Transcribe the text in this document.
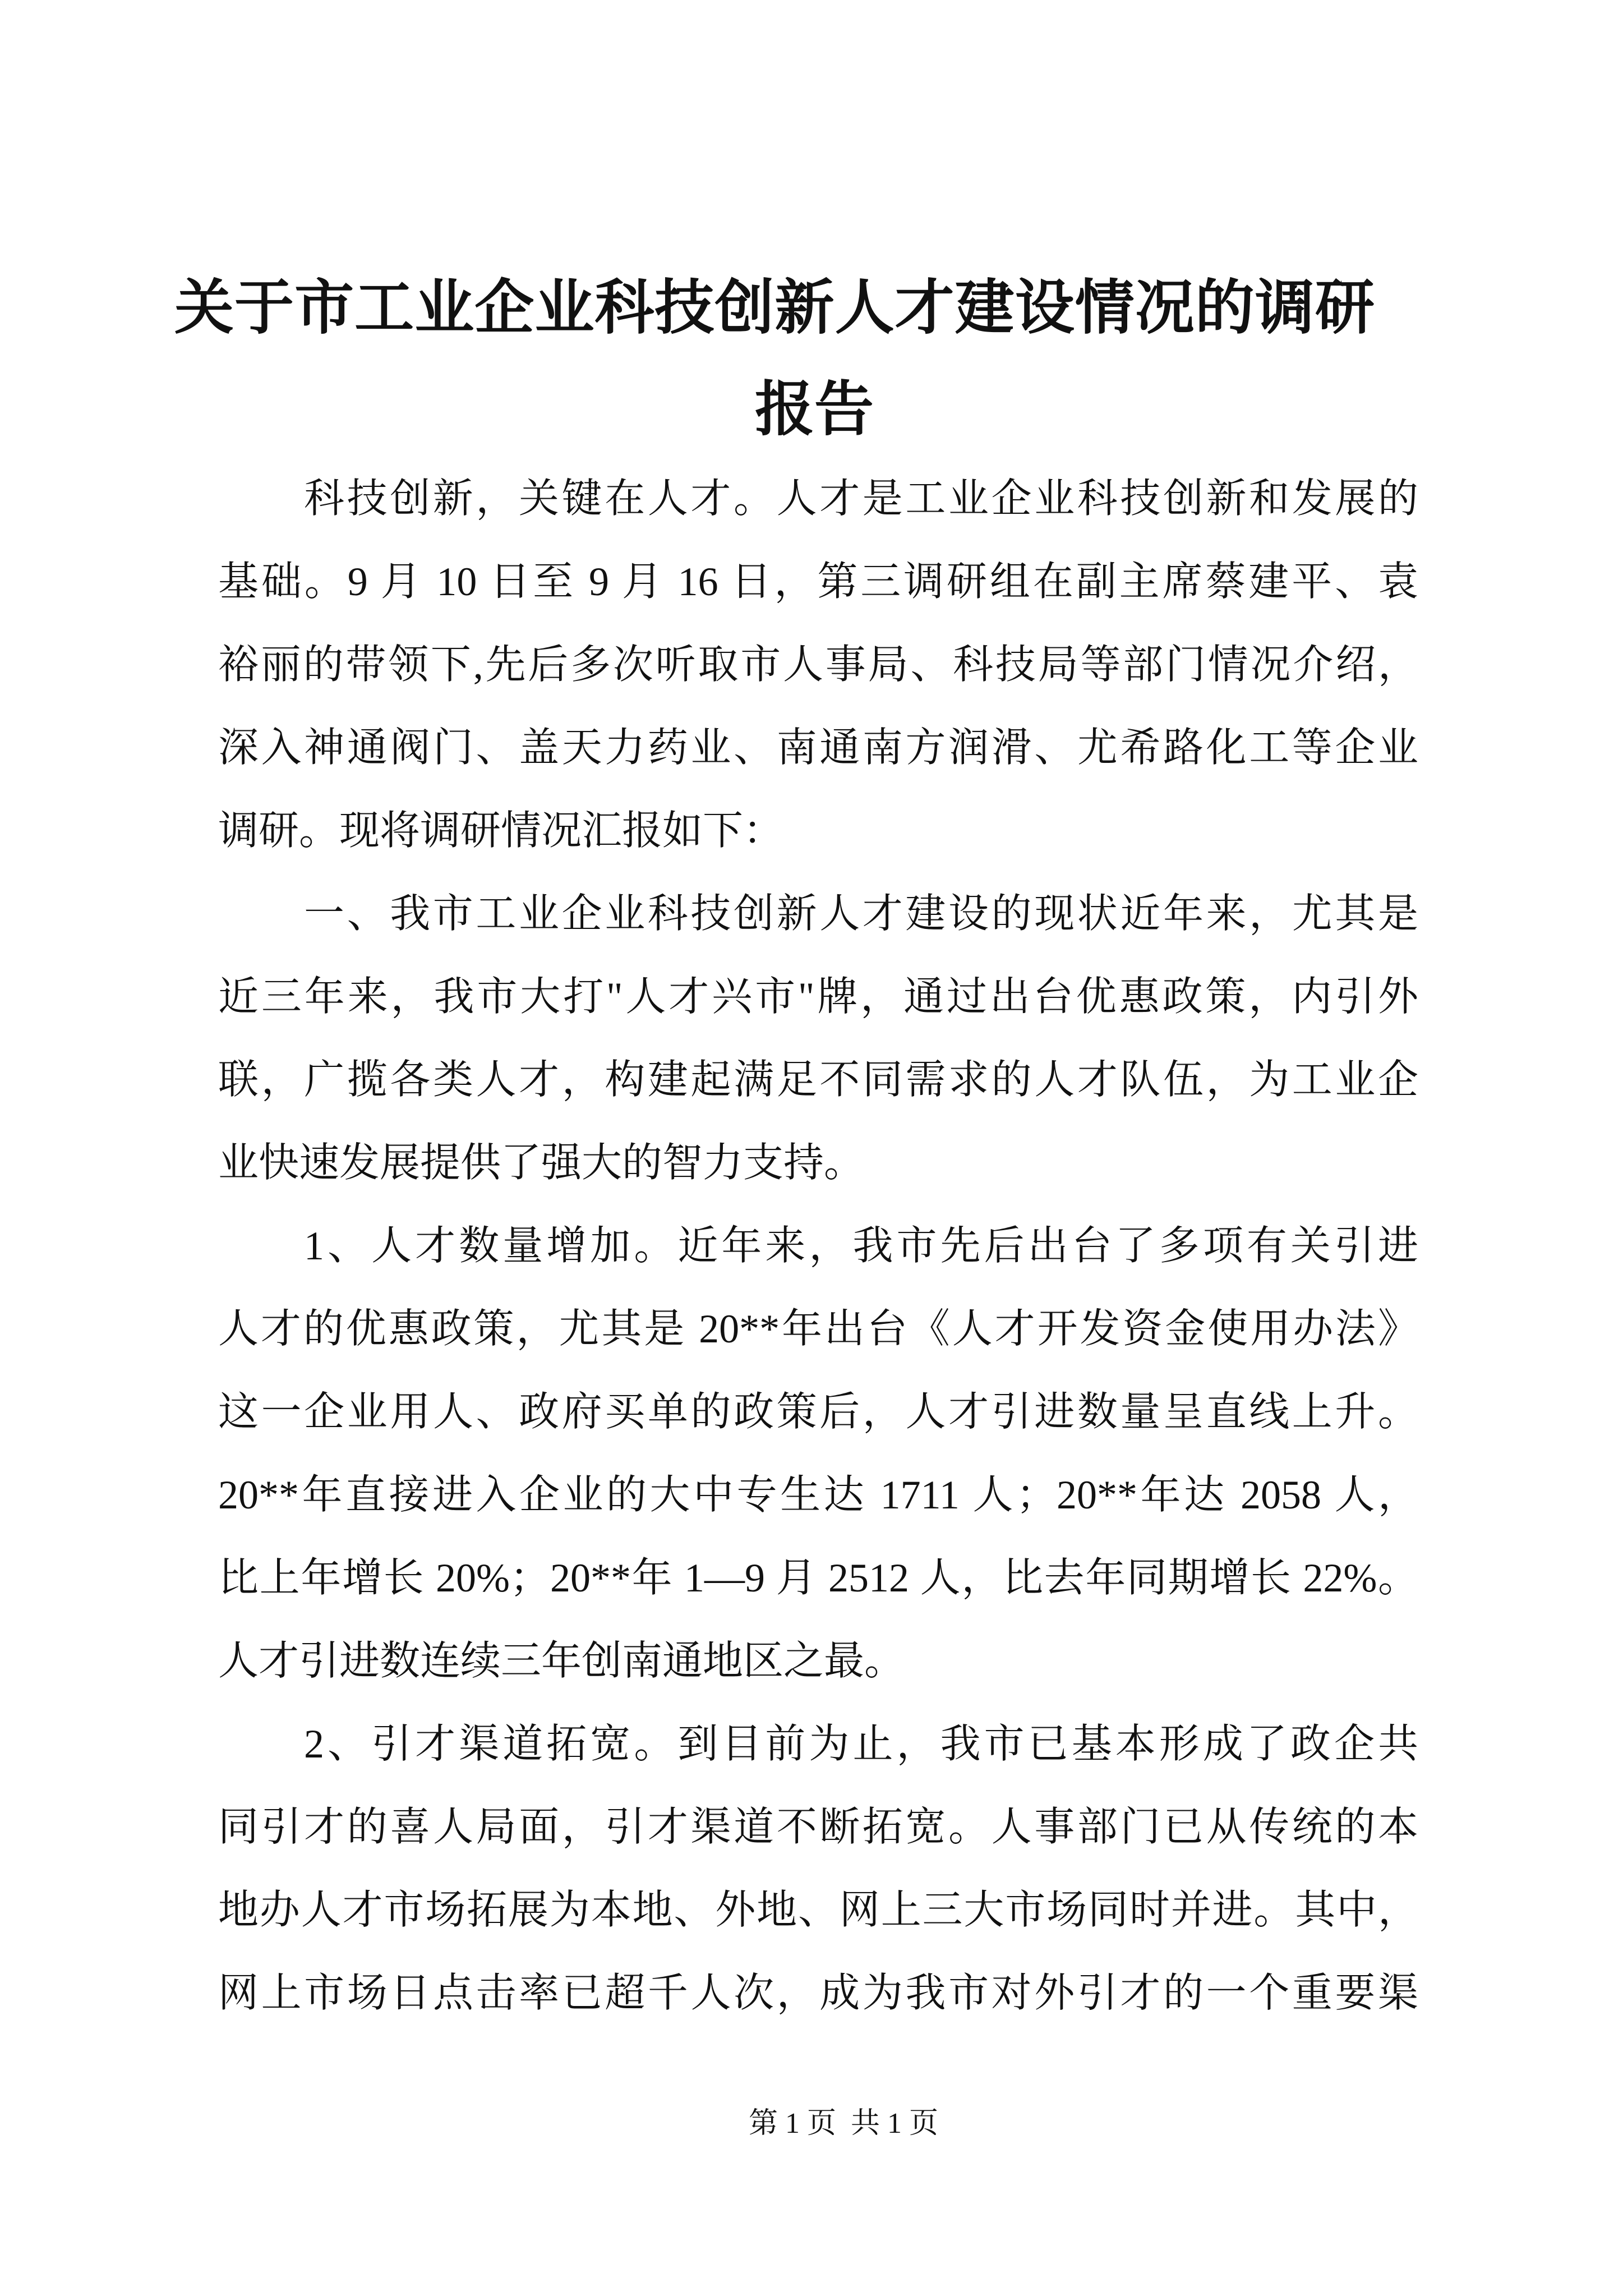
关于市工业企业科技创新人才建设情况的调研
报告
科技创新，关键在人才。人才是工业企业科技创新和发展的
基础。9 月 10 日至 9 月 16 日，第三调研组在副主席蔡建平、袁
裕丽的带领下,先后多次听取市人事局、科技局等部门情况介绍，
深入神通阀门、盖天力药业、南通南方润滑、尤希路化工等企业
调研。现将调研情况汇报如下：
一、我市工业企业科技创新人才建设的现状近年来，尤其是
近三年来，我市大打"人才兴市"牌，通过出台优惠政策，内引外
联，广揽各类人才，构建起满足不同需求的人才队伍，为工业企
业快速发展提供了强大的智力支持。
1、人才数量增加。近年来，我市先后出台了多项有关引进
人才的优惠政策，尤其是 20**年出台《人才开发资金使用办法》
这一企业用人、政府买单的政策后，人才引进数量呈直线上升。
20**年直接进入企业的大中专生达 1711 人；20**年达 2058 人，
比上年增长 20%；20**年 1—9 月 2512 人，比去年同期增长 22%。
人才引进数连续三年创南通地区之最。
2、引才渠道拓宽。到目前为止，我市已基本形成了政企共
同引才的喜人局面，引才渠道不断拓宽。人事部门已从传统的本
地办人才市场拓展为本地、外地、网上三大市场同时并进。其中，
网上市场日点击率已超千人次，成为我市对外引才的一个重要渠
第 1 页  共 1 页
